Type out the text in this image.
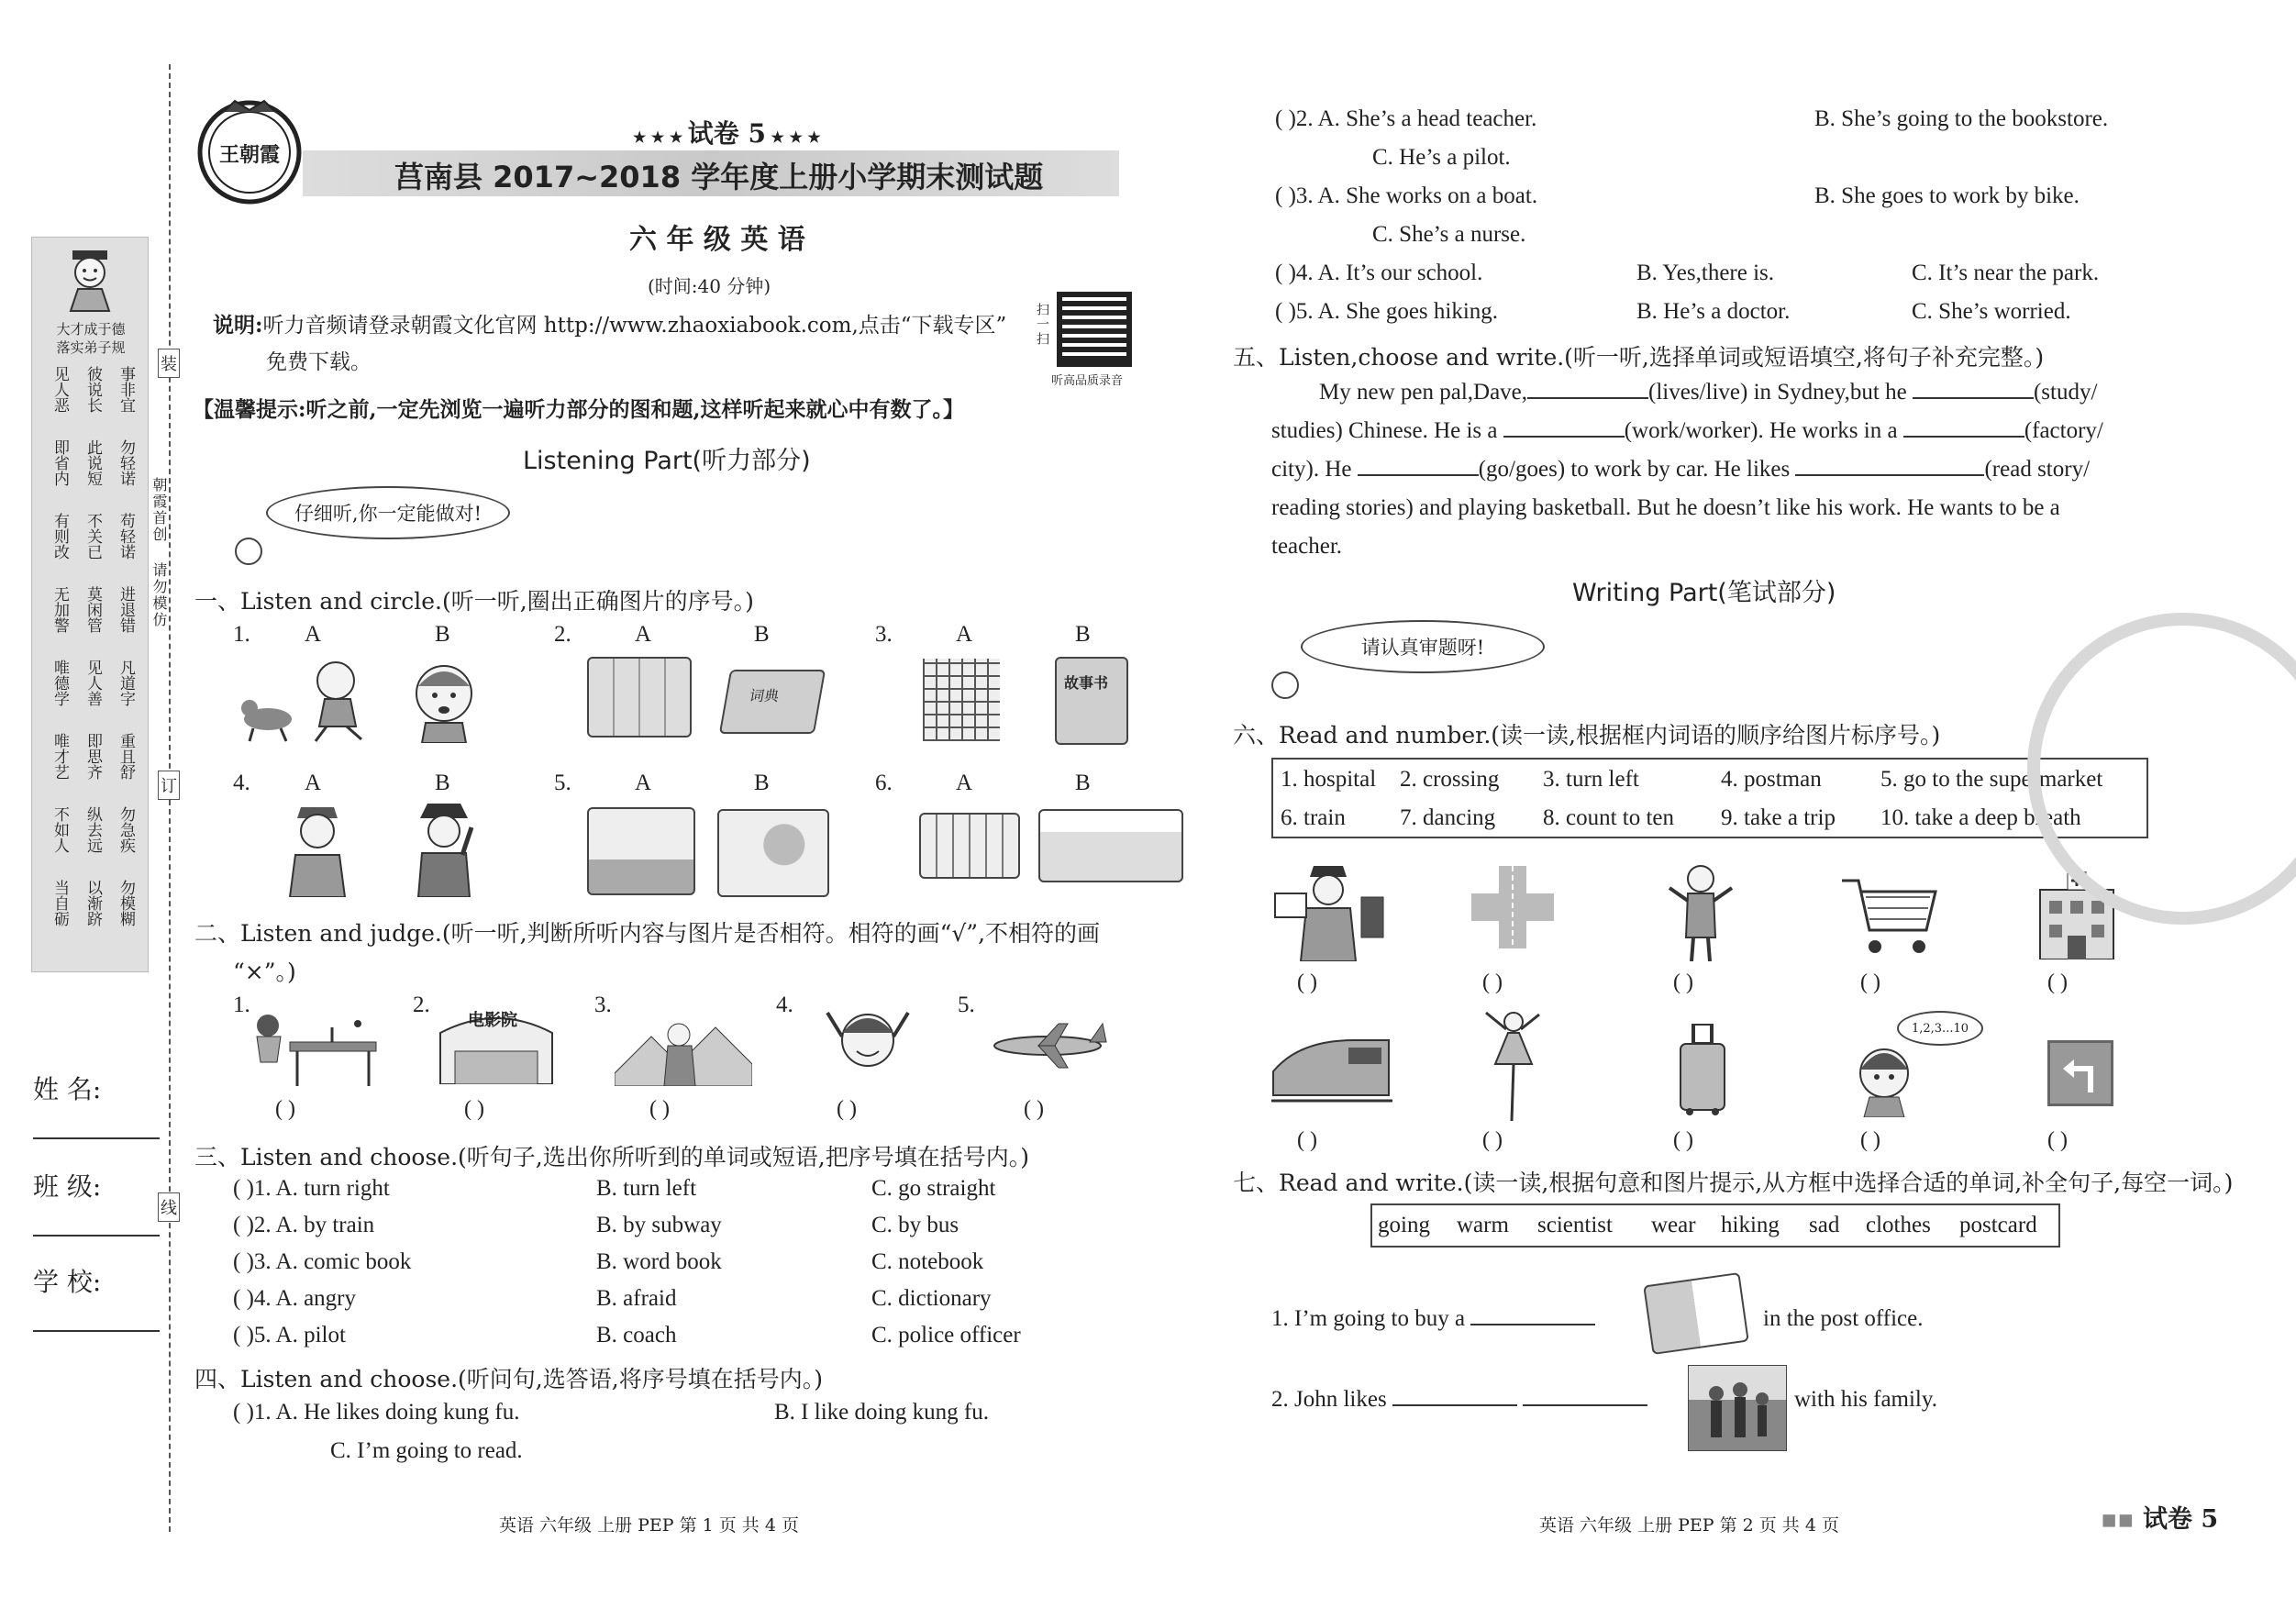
大才成于德
落实弟子规
见人恶 彼说长 事非宜
即省内 此说短 勿轻诺
有则改 不关已 苟轻诺
无加警 莫闲管 进退错
唯德学 见人善 凡道字
唯才艺 即思齐 重且舒
不如人 纵去远 勿急疾
当自砺 以渐跻 勿模糊
装
订
线
朝霞首创 请勿模仿
姓 名:
班 级:
学 校:
王朝霞
★ ★ ★ 试卷 5 ★ ★ ★
莒南县 2017~2018 学年度上册小学期末测试题
六 年 级 英 语
(时间:40 分钟)
说明:听力音频请登录朝霞文化官网 http://www.zhaoxiabook.com,点击“下载专区”
免费下载。
扫一扫
听高品质录音
【温馨提示:听之前,一定先浏览一遍听力部分的图和题,这样听起来就心中有数了。】
Listening Part(听力部分)
仔细听,你一定能做对!
一、Listen and circle.(听一听,圈出正确图片的序号。)
1. A	B	2.	A	B	3.	A	B
词典
故事书
4. A	B	5.	A	B	6.	A	B
二、Listen and judge.(听一听,判断所听内容与图片是否相符。相符的画“√”,不相符的画
“×”。)
1.	2.	3.	4.	5.
电影院
( )	( )	( )	( )	( )
三、Listen and choose.(听句子,选出你所听到的单词或短语,把序号填在括号内。)
( )1. A. turn right	B. turn left	C. go straight
( )2. A. by train	B. by subway	C. by bus
( )3. A. comic book	B. word book	C. notebook
( )4. A. angry	B. afraid	C. dictionary
( )5. A. pilot	B. coach	C. police officer
四、Listen and choose.(听问句,选答语,将序号填在括号内。)
( )1. A. He likes doing kung fu.	B. I like doing kung fu.
C. I’m going to read.
英语 六年级 上册 PEP 第 1 页 共 4 页
( )2. A. She’s a head teacher.	B. She’s going to the bookstore.
C. He’s a pilot.
( )3. A. She works on a boat.	B. She goes to work by bike.
C. She’s a nurse.
( )4. A. It’s our school.	B. Yes,there is.	C. It’s near the park.
( )5. A. She goes hiking.	B. He’s a doctor.	C. She’s worried.
五、Listen,choose and write.(听一听,选择单词或短语填空,将句子补充完整。)
My new pen pal,Dave,	(lives/live) in Sydney,but he	(study/
studies) Chinese. He is a	(work/worker). He works in a	(factory/
city). He	(go/goes) to work by car. He likes	(read story/
reading stories) and playing basketball. But he doesn’t like his work. He wants to be a
teacher.
Writing Part(笔试部分)
请认真审题呀!
六、Read and number.(读一读,根据框内词语的顺序给图片标序号。)
1. hospital 2. crossing 3. turn left	4. postman	5. go to the supermarket
6. train 7. dancing 8. count to ten 9. take a trip 10. take a deep breath
( )	( )	( )	( )	( )
1,2,3...10
( )	( )	( )	( )	( )
七、Read and write.(读一读,根据句意和图片提示,从方框中选择合适的单词,补全句子,每空一词。)
going warm scientist wear hiking sad clothes postcard
1. I’m going to buy a	in the post office.
2. John likes	with his family.
英语 六年级 上册 PEP 第 2 页 共 4 页	▪▪ 试卷 5
